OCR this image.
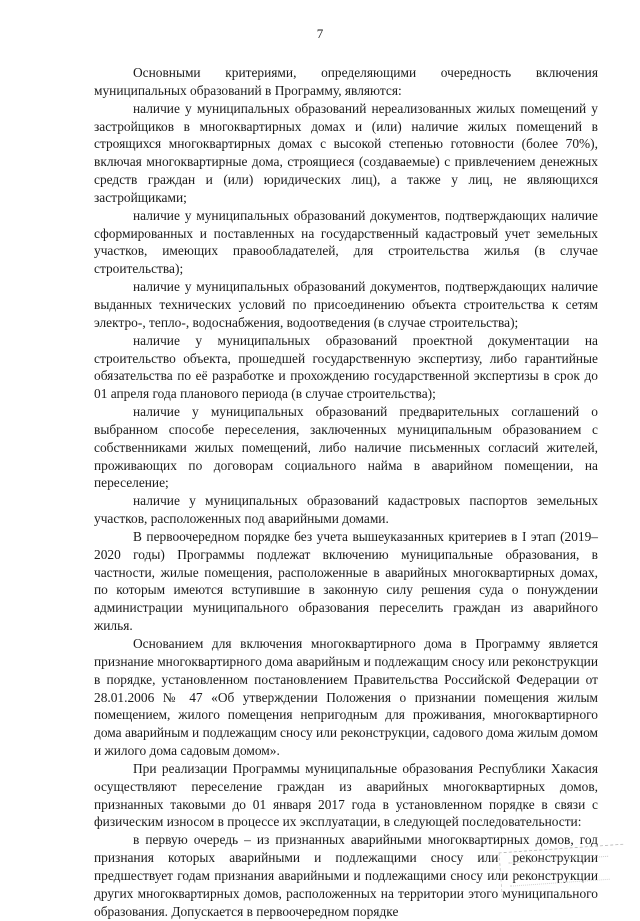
7

Основными критериями, определяющими очередность включения муниципальных образований в Программу, являются:

наличие у муниципальных образований нереализованных жилых помещений у застройщиков в многоквартирных домах и (или) наличие жилых помещений в строящихся многоквартирных домах с высокой степенью готовности (более 70%), включая многоквартирные дома, строящиеся (создаваемые) с привлечением денежных средств граждан и (или) юридических лиц), а также у лиц, не являющихся застройщиками;

наличие у муниципальных образований документов, подтверждающих наличие сформированных и поставленных на государственный кадастровый учет земельных участков, имеющих правообладателей, для строительства жилья (в случае строительства);

наличие у муниципальных образований документов, подтверждающих наличие выданных технических условий по присоединению объекта строительства к сетям электро-, тепло-, водоснабжения, водоотведения (в случае строительства);

наличие у муниципальных образований проектной документации на строительство объекта, прошедшей государственную экспертизу, либо гарантийные обязательства по её разработке и прохождению государственной экспертизы в срок до 01 апреля года планового периода (в случае строительства);

наличие у муниципальных образований предварительных соглашений о выбранном способе переселения, заключенных муниципальным образованием с собственниками жилых помещений, либо наличие письменных согласий жителей, проживающих по договорам социального найма в аварийном помещении, на переселение;

наличие у муниципальных образований кадастровых паспортов земельных участков, расположенных под аварийными домами.

В первоочередном порядке без учета вышеуказанных критериев в I этап (2019–2020 годы) Программы подлежат включению муниципальные образования, в частности, жилые помещения, расположенные в аварийных многоквартирных домах, по которым имеются вступившие в законную силу решения суда о понуждении администрации муниципального образования переселить граждан из аварийного жилья.

Основанием для включения многоквартирного дома в Программу является признание многоквартирного дома аварийным и подлежащим сносу или реконструкции в порядке, установленном постановлением Правительства Российской Федерации от 28.01.2006 № 47 «Об утверждении Положения о признании помещения жилым помещением, жилого помещения непригодным для проживания, многоквартирного дома аварийным и подлежащим сносу или реконструкции, садового дома жилым домом и жилого дома садовым домом».

При реализации Программы муниципальные образования Республики Хакасия осуществляют переселение граждан из аварийных многоквартирных домов, признанных таковыми до 01 января 2017 года в установленном порядке в связи с физическим износом в процессе их эксплуатации, в следующей последовательности:

в первую очередь – из признанных аварийными многоквартирных домов, год признания которых аварийными и подлежащими сносу или реконструкции предшествует годам признания аварийными и подлежащими сносу или реконструкции других многоквартирных домов, расположенных на территории этого муниципального образования. Допускается в первоочередном порядке
